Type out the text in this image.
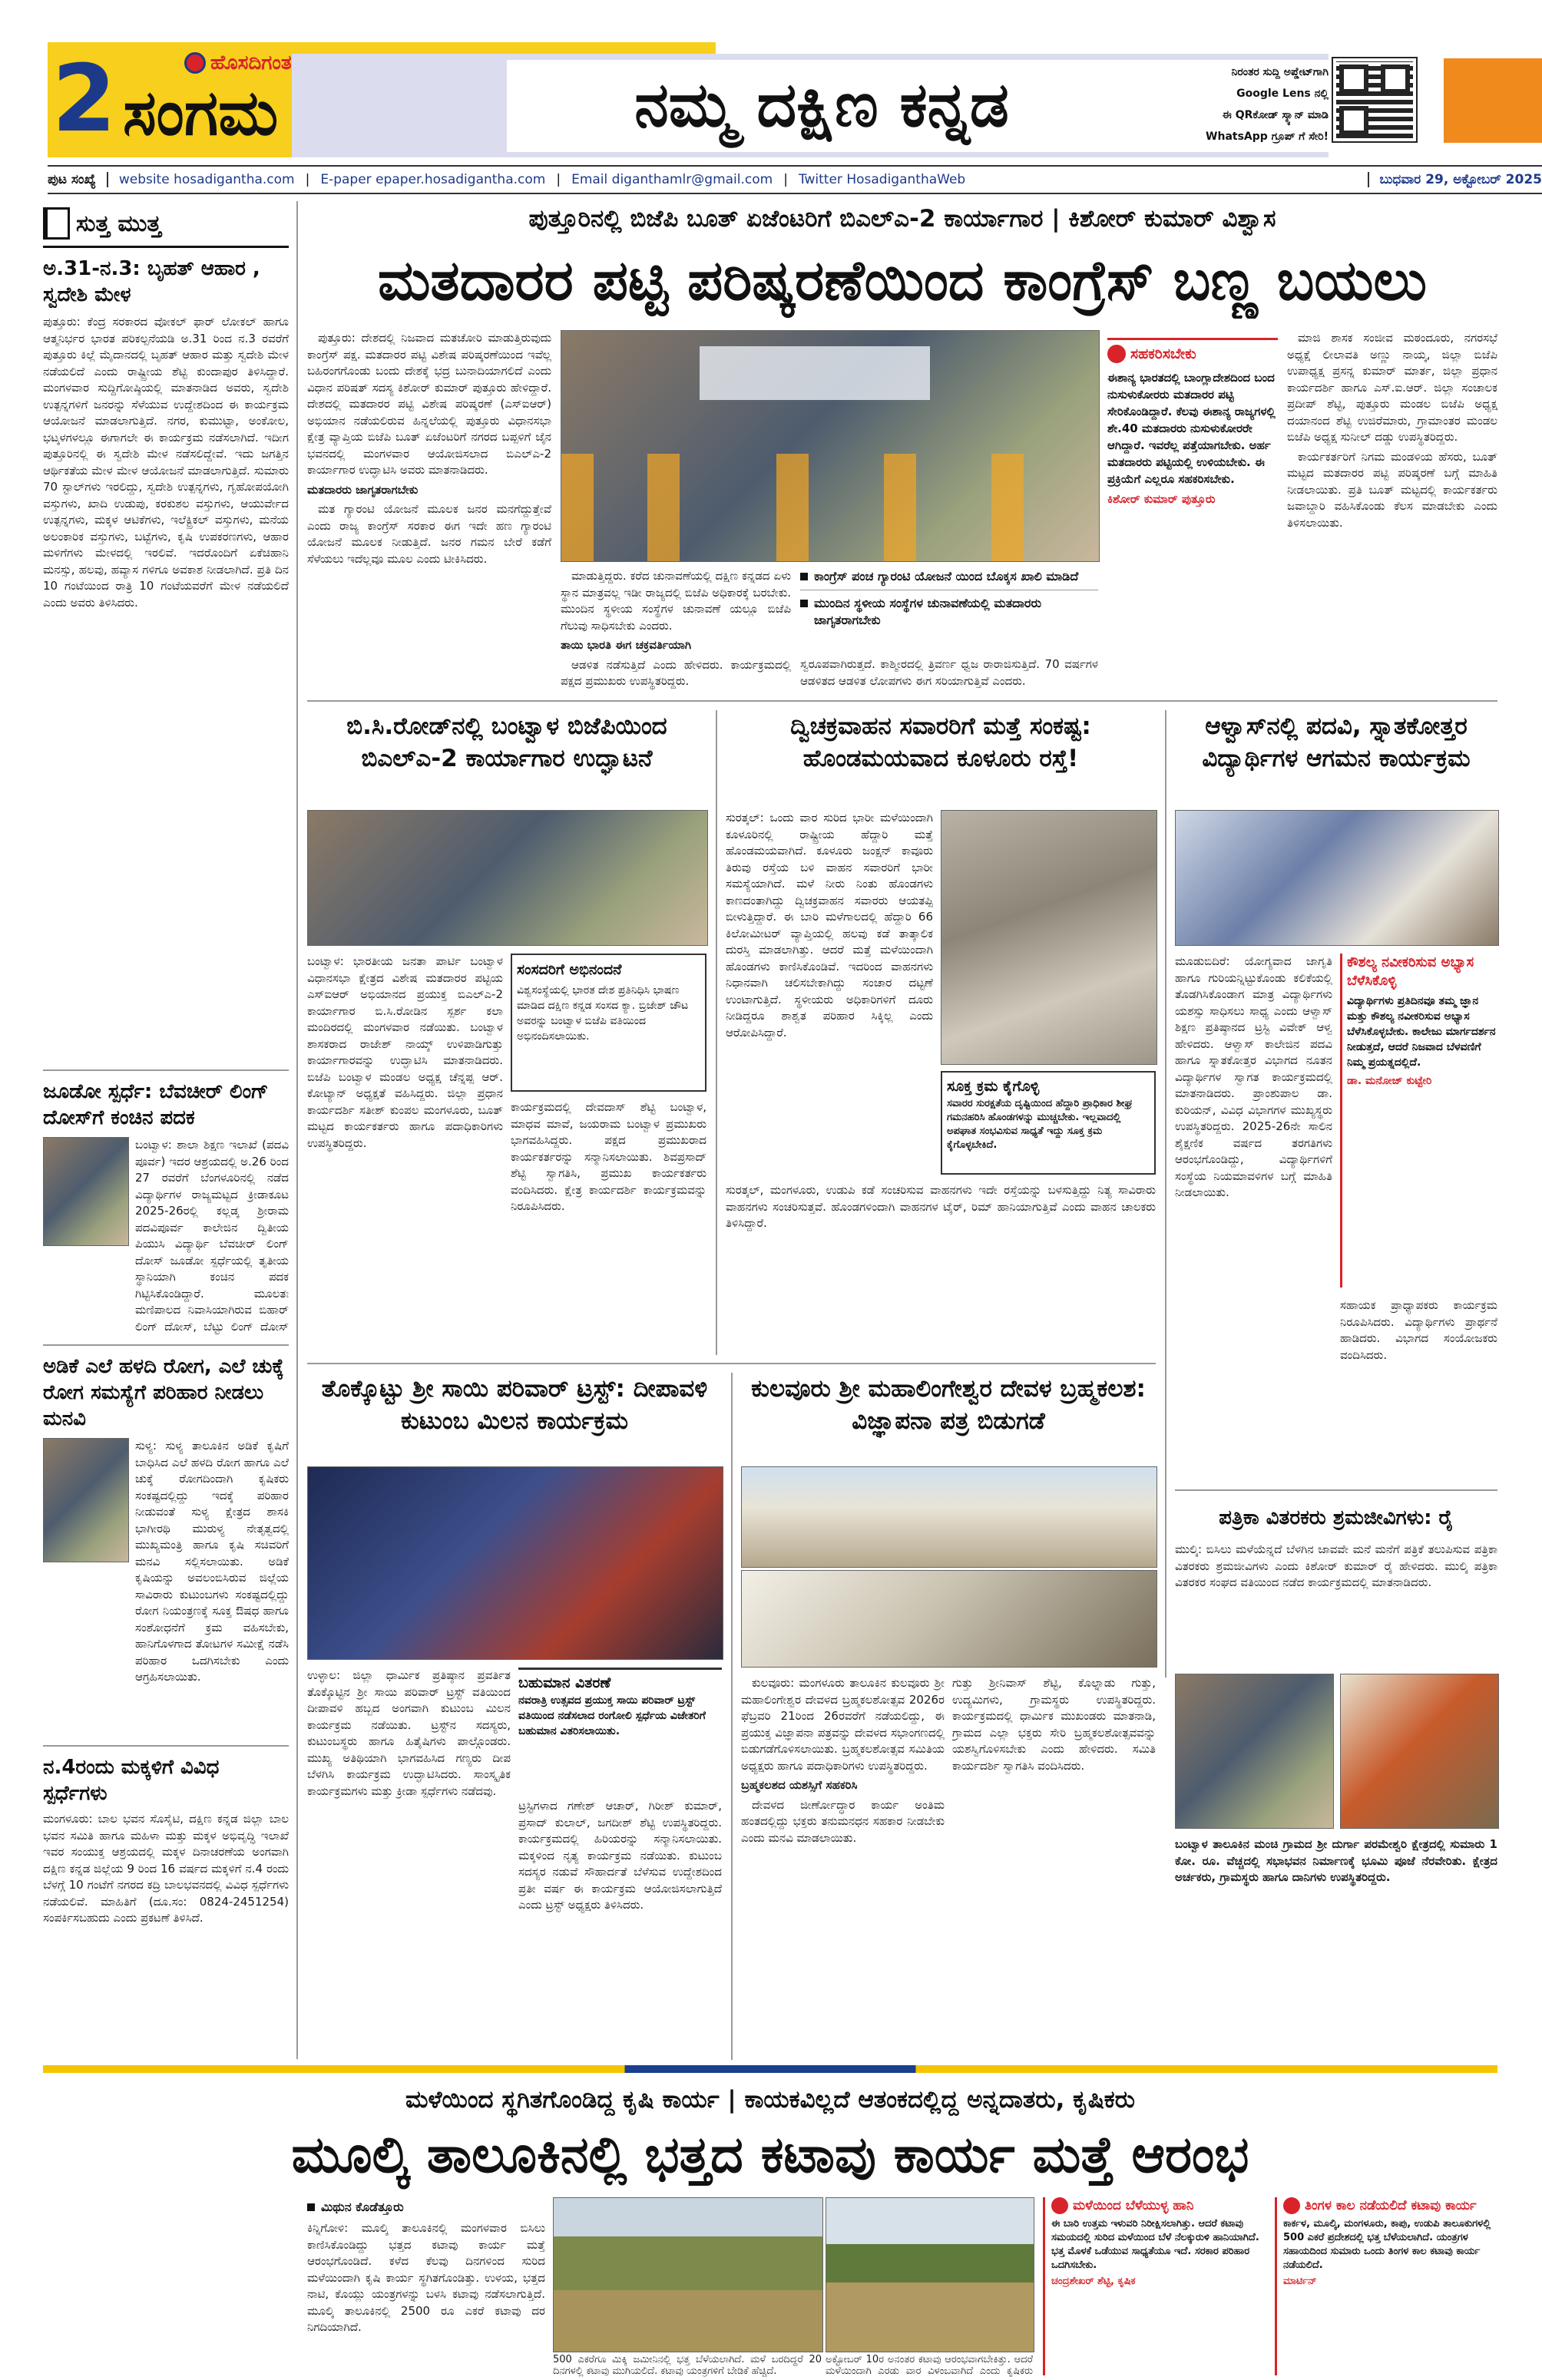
2	ಹೊಸದಿಗಂತ
ಸಂಗಮ	ನಮ್ಮ ದಕ್ಷಿಣ ಕನ್ನಡ	ನಿರಂತರ ಸುದ್ದಿ ಅಪ್ಡೇಟ್‌ಗಾಗಿ
Google Lens ನಲ್ಲಿ
ಈ QRಕೋಡ್ ಸ್ಕ್ಯಾನ್ ಮಾಡಿ
WhatsApp ಗ್ರೂಪ್ ಗೆ ಸೇರಿ!
ಪುಟ ಸಂಖ್ಯೆ	website hosadigantha.com | E-paper epaper.hosadigantha.com | Email diganthamlr@gmail.com | Twitter HosadiganthaWeb	ಬುಧವಾರ 29, ಅಕ್ಟೋಬರ್ 2025
ಸುತ್ತ ಮುತ್ತ
ಅ.31-ನ.3: ಬೃಹತ್ ಆಹಾರ , ಸ್ವದೇಶಿ ಮೇಳ
ಪುತ್ತೂರು: ಕೆಂದ್ರ ಸರಕಾರದ ವೋಕಲ್ ಫಾರ್ ಲೋಕಲ್ ಹಾಗೂ ಆತ್ಮನಿರ್ಭರ ಭಾರತ ಪರಿಕಲ್ಪನೆಯಡಿ ಅ.31 ರಿಂದ ನ.3 ರವರೆಗೆ ಪುತ್ತೂರು ಕಿಲ್ಲೆ ಮೈದಾನದಲ್ಲಿ ಬೃಹತ್ ಆಹಾರ ಮತ್ತು ಸ್ವದೇಶಿ ಮೇಳ ನಡೆಯಲಿದೆ ಎಂದು ರಾಷ್ಟ್ರೀಯ ಶೆಟ್ಟಿ ಕುಂದಾಪುರ ತಿಳಿಸಿದ್ದಾರೆ. ಮಂಗಳವಾರ ಸುದ್ದಿಗೋಷ್ಠಿಯಲ್ಲಿ ಮಾತನಾಡಿದ ಅವರು, ಸ್ವದೇಶಿ ಉತ್ಪನ್ನಗಳಿಗೆ ಜನರನ್ನು ಸೆಳೆಯುವ ಉದ್ದೇಶದಿಂದ ಈ ಕಾರ್ಯಕ್ರಮ ಆಯೋಜನೆ ಮಾಡಲಾಗುತ್ತಿದೆ. ನಗರ, ಕುಮುಟ್ಟಾ, ಅಂಕೋಲ, ಭಟ್ಕಳಗಳಲ್ಲೂ ಈಗಾಗಲೇ ಈ ಕಾರ್ಯಕ್ರಮ ನಡೆಸಲಾಗಿದೆ. ಇದೀಗ ಪುತ್ತೂರಿನಲ್ಲಿ ಈ ಸ್ವದೇಶಿ ಮೇಳ ನಡೆಸಲಿದ್ದೇವೆ. ಇದು ಜಗತ್ತಿನ ಆರ್ಥಿಕತೆಯ ಮೇಳ ಮೇಳ ಆಯೋಜನೆ ಮಾಡಲಾಗುತ್ತಿದೆ. ಸುಮಾರು 70 ಸ್ಟಾಲ್‌ಗಳು ಇರಲಿದ್ದು, ಸ್ವದೇಶಿ ಉತ್ಪನ್ನಗಳು, ಗೃಹೋಪಯೋಗಿ ವಸ್ತುಗಳು, ಖಾದಿ ಉಡುಪು, ಕರಕುಶಲ ವಸ್ತುಗಳು, ಆಯುರ್ವೇದ ಉತ್ಪನ್ನಗಳು, ಮಕ್ಕಳ ಆಟಿಕೆಗಳು, ಇಲೆಕ್ಟ್ರಿಕಲ್ ವಸ್ತುಗಳು, ಮನೆಯ ಅಲಂಕಾರಿಕ ವಸ್ತುಗಳು, ಬಟ್ಟೆಗಳು, ಕೃಷಿ ಉಪಕರಣಗಳು, ಆಹಾರ ಮಳಿಗೆಗಳು ಮೇಳದಲ್ಲಿ ಇರಲಿವೆ. ಇದರೊಂದಿಗೆ ಏಕೆಚಿಹಾನಿ ಮನಸ್ಸು, ಹಲವು, ಹವ್ಯಾಸ ಗಳಿಗೂ ಅವಕಾಶ ನೀಡಲಾಗಿದೆ. ಪ್ರತಿ ದಿನ 10 ಗಂಟೆಯಿಂದ ರಾತ್ರಿ 10 ಗಂಟೆಯವರೆಗೆ ಮೇಳ ನಡೆಯಲಿದೆ ಎಂದು ಅವರು ತಿಳಿಸಿದರು.
ಜೂಡೋ ಸ್ಪರ್ಧೆ: ಬೆವಚೀರ್ ಲಿಂಗ್ ದೋಸ್‌ಗೆ ಕಂಚಿನ ಪದಕ
ಬಂಟ್ವಾಳ: ಶಾಲಾ ಶಿಕ್ಷಣ ಇಲಾಖೆ (ಪದವಿ ಪೂರ್ವ) ಇದರ ಆಶ್ರಯದಲ್ಲಿ ಅ.26 ರಿಂದ 27 ರವರೆಗೆ ಬೆಂಗಳೂರಿನಲ್ಲಿ ನಡೆದ ವಿದ್ಯಾರ್ಥಿಗಳ ರಾಜ್ಯಮಟ್ಟದ ಕ್ರೀಡಾಕೂಟ 2025-26ರಲ್ಲಿ ಕಲ್ಲಡ್ಕ ಶ್ರೀರಾಮ ಪದವಿಪೂರ್ವ ಕಾಲೇಜಿನ ದ್ವಿತೀಯ ಪಿಯುಸಿ ವಿದ್ಯಾರ್ಥಿ ಬೆವಚೀರ್ ಲಿಂಗ್ ದೋಸ್ ಜೂಡೋ ಸ್ಪರ್ಧೆಯಲ್ಲಿ ತೃತೀಯ ಸ್ಥಾನಿಯಾಗಿ ಕಂಚಿನ ಪದಕ ಗಿಟ್ಟಿಸಿಕೊಂಡಿದ್ದಾರೆ. ಮೂಲತಃ ಮಣಿಪಾಲದ ನಿವಾಸಿಯಾಗಿರುವ ಬಿಹಾರ್ ಲಿಂಗ್ ದೋಸ್, ಬೆಟ್ಟು ಲಿಂಗ್ ದೋಸ್
ಅಡಿಕೆ ಎಲೆ ಹಳದಿ ರೋಗ, ಎಲೆ ಚುಕ್ಕೆ ರೋಗ ಸಮಸ್ಯೆಗೆ ಪರಿಹಾರ ನೀಡಲು ಮನವಿ
ಸುಳ್ಯ: ಸುಳ್ಯ ತಾಲೂಕಿನ ಅಡಿಕೆ ಕೃಷಿಗೆ ಬಾಧಿಸಿದ ಎಲೆ ಹಳದಿ ರೋಗ ಹಾಗೂ ಎಲೆ ಚುಕ್ಕೆ ರೋಗದಿಂದಾಗಿ ಕೃಷಿಕರು ಸಂಕಷ್ಟದಲ್ಲಿದ್ದು ಇದಕ್ಕೆ ಪರಿಹಾರ ನೀಡುವಂತೆ ಸುಳ್ಯ ಕ್ಷೇತ್ರದ ಶಾಸಕಿ ಭಾಗೀರಥಿ ಮುರುಳ್ಯ ನೇತೃತ್ವದಲ್ಲಿ ಮುಖ್ಯಮಂತ್ರಿ ಹಾಗೂ ಕೃಷಿ ಸಚಿವರಿಗೆ ಮನವಿ ಸಲ್ಲಿಸಲಾಯಿತು. ಅಡಿಕೆ ಕೃಷಿಯನ್ನು ಅವಲಂಬಿಸಿರುವ ಜಿಲ್ಲೆಯ ಸಾವಿರಾರು ಕುಟುಂಬಗಳು ಸಂಕಷ್ಟದಲ್ಲಿದ್ದು ರೋಗ ನಿಯಂತ್ರಣಕ್ಕೆ ಸೂಕ್ತ ಔಷಧ ಹಾಗೂ ಸಂಶೋಧನೆಗೆ ಕ್ರಮ ವಹಿಸಬೇಕು, ಹಾನಿಗೊಳಗಾದ ತೋಟಗಳ ಸಮೀಕ್ಷೆ ನಡೆಸಿ ಪರಿಹಾರ ಒದಗಿಸಬೇಕು ಎಂದು ಆಗ್ರಹಿಸಲಾಯಿತು.
ನ.4ರಂದು ಮಕ್ಕಳಿಗೆ ವಿವಿಧ ಸ್ಪರ್ಧೆಗಳು
ಮಂಗಳೂರು: ಬಾಲ ಭವನ ಸೊಸೈಟಿ, ದಕ್ಷಿಣ ಕನ್ನಡ ಜಿಲ್ಲಾ ಬಾಲ ಭವನ ಸಮಿತಿ ಹಾಗೂ ಮಹಿಳಾ ಮತ್ತು ಮಕ್ಕಳ ಅಭಿವೃದ್ಧಿ ಇಲಾಖೆ ಇವರ ಸಂಯುಕ್ತ ಆಶ್ರಯದಲ್ಲಿ ಮಕ್ಕಳ ದಿನಾಚರಣೆಯ ಅಂಗವಾಗಿ ದಕ್ಷಿಣ ಕನ್ನಡ ಜಿಲ್ಲೆಯ 9 ರಿಂದ 16 ವರ್ಷದ ಮಕ್ಕಳಿಗೆ ನ.4 ರಂದು ಬೆಳಗ್ಗೆ 10 ಗಂಟೆಗೆ ನಗರದ ಕದ್ರಿ ಬಾಲಭವನದಲ್ಲಿ ವಿವಿಧ ಸ್ಪರ್ಧೆಗಳು ನಡೆಯಲಿವೆ. ಮಾಹಿತಿಗೆ (ದೂ.ಸಂ: 0824-2451254) ಸಂಪರ್ಕಿಸಬಹುದು ಎಂದು ಪ್ರಕಟಣೆ ತಿಳಿಸಿದೆ.
ಪುತ್ತೂರಿನಲ್ಲಿ ಬಿಜೆಪಿ ಬೂತ್ ಏಜೆಂಟರಿಗೆ ಬಿಎಲ್‌ಎ-2 ಕಾರ್ಯಾಗಾರ | ಕಿಶೋರ್ ಕುಮಾರ್ ವಿಶ್ವಾಸ
ಮತದಾರರ ಪಟ್ಟಿ ಪರಿಷ್ಕರಣೆಯಿಂದ ಕಾಂಗ್ರೆಸ್ ಬಣ್ಣ ಬಯಲು

ಪುತ್ತೂರು: ದೇಶದಲ್ಲಿ ನಿಜವಾದ ಮತಚೋರಿ ಮಾಡುತ್ತಿರುವುದು ಕಾಂಗ್ರೆಸ್ ಪಕ್ಷ. ಮತದಾರರ ಪಟ್ಟಿ ವಿಶೇಷ ಪರಿಷ್ಕರಣೆಯಿಂದ ಇವೆಲ್ಲ ಬಹಿರಂಗಗೊಂಡು ಬಂದು ದೇಶಕ್ಕೆ ಭದ್ರ ಬುನಾದಿಯಾಗಲಿದೆ ಎಂದು ವಿಧಾನ ಪರಿಷತ್ ಸದಸ್ಯ ಕಿಶೋರ್ ಕುಮಾರ್ ಪುತ್ತೂರು ಹೇಳಿದ್ದಾರೆ. ದೇಶದಲ್ಲಿ ಮತದಾರರ ಪಟ್ಟಿ ವಿಶೇಷ ಪರಿಷ್ಕರಣೆ (ಎಸ್‌ಐಆರ್) ಅಭಿಯಾನ ನಡೆಯಲಿರುವ ಹಿನ್ನಲೆಯಲ್ಲಿ ಪುತ್ತೂರು ವಿಧಾನಸಭಾ ಕ್ಷೇತ್ರ ವ್ಯಾಪ್ತಿಯ ಬಿಜೆಪಿ ಬೂತ್ ಏಜೆಂಟರಿಗೆ ನಗರದ ಬಪ್ಪಳಿಗೆ ಜೈನ ಭವನದಲ್ಲಿ ಮಂಗಳವಾರ ಆಯೋಜಿಸಲಾದ ಬಿಎಲ್‌ಎ-2 ಕಾರ್ಯಾಗಾರ ಉದ್ಘಾಟಿಸಿ ಅವರು ಮಾತನಾಡಿದರು.

ಮತದಾರರು ಜಾಗೃತರಾಗಬೇಕು

ಮತ ಗ್ಯಾರಂಟಿ ಯೋಜನೆ ಮೂಲಕ ಜನರ ಮನಗೆದ್ದುತ್ತೇವೆ ಎಂದು ರಾಜ್ಯ ಕಾಂಗ್ರೆಸ್ ಸರಕಾರ ಈಗ ಇದೇ ಹಣ ಗ್ಯಾರಂಟಿ ಯೋಜನೆ ಮೂಲಕ ನೀಡುತ್ತಿದೆ. ಜನರ ಗಮನ ಬೇರೆ ಕಡೆಗೆ ಸೆಳೆಯಲು ಇದೆಲ್ಲವೂ ಮೂಲ ಎಂದು ಟೀಕಿಸಿದರು.

ಮಾಡುತ್ತಿದ್ದರು. ಕರೆದ ಚುನಾವಣೆಯಲ್ಲಿ ದಕ್ಷಿಣ ಕನ್ನಡದ ಏಳು ಸ್ಥಾನ ಮಾತ್ರವಲ್ಲ ಇಡೀ ರಾಜ್ಯದಲ್ಲಿ ಬಿಜೆಪಿ ಅಧಿಕಾರಕ್ಕೆ ಬರಬೇಕು. ಮುಂದಿನ ಸ್ಥಳೀಯ ಸಂಸ್ಥೆಗಳ ಚುನಾವಣೆ ಯಲ್ಲೂ ಬಿಜೆಪಿ ಗೆಲುವು ಸಾಧಿಸಬೇಕು ಎಂದರು.

ತಾಯಿ ಭಾರತಿ ಈಗ ಚಕ್ರವರ್ತಿಯಾಗಿ

ಆಡಳಿತ ನಡೆಸುತ್ತಿದೆ ಎಂದು ಹೇಳಿದರು. ಕಾರ್ಯಕ್ರಮದಲ್ಲಿ ಪಕ್ಷದ ಪ್ರಮುಖರು ಉಪಸ್ಥಿತರಿದ್ದರು.

ಕಾಂಗ್ರೆಸ್ ಪಂಚ ಗ್ಯಾರಂಟಿ ಯೋಜನೆ ಯಿಂದ ಬೊಕ್ಕಸ ಖಾಲಿ ಮಾಡಿದೆ
ಮುಂದಿನ ಸ್ಥಳೀಯ ಸಂಸ್ಥೆಗಳ ಚುನಾವಣೆಯಲ್ಲಿ ಮತದಾರರು ಜಾಗೃತರಾಗಬೇಕು
ಸ್ವರೂಪವಾಗಿರುತ್ತದೆ. ಕಾಶ್ಮೀರದಲ್ಲಿ ತ್ರಿವರ್ಣ ಧ್ವಜ ರಾರಾಜಿಸುತ್ತಿದೆ. 70 ವರ್ಷಗಳ ಆಡಳಿತದ ಆಡಳಿತ ಲೋಪಗಳು ಈಗ ಸರಿಯಾಗುತ್ತಿವೆ ಎಂದರು.
ಸಹಕರಿಸಬೇಕು
ಈಶಾನ್ಯ ಭಾರತದಲ್ಲಿ ಬಾಂಗ್ಲಾದೇಶದಿಂದ ಬಂದ ನುಸುಳುಕೋರರು ಮತದಾರರ ಪಟ್ಟಿ ಸೇರಿಕೊಂಡಿದ್ದಾರೆ. ಕೆಲವು ಈಶಾನ್ಯ ರಾಜ್ಯಗಳಲ್ಲಿ ಶೇ.40 ಮತದಾರರು ನುಸುಳುಕೋರರೇ ಆಗಿದ್ದಾರೆ. ಇವರೆಲ್ಲ ಪತ್ತೆಯಾಗಬೇಕು. ಅರ್ಹ ಮತದಾರರು ಪಟ್ಟಿಯಲ್ಲಿ ಉಳಿಯಬೇಕು. ಈ ಪ್ರಕ್ರಿಯೆಗೆ ಎಲ್ಲರೂ ಸಹಕರಿಸಬೇಕು.
ಕಿಶೋರ್ ಕುಮಾರ್ ಪುತ್ತೂರು

ಮಾಜಿ ಶಾಸಕ ಸಂಜೀವ ಮಠಂದೂರು, ನಗರಸಭೆ ಅಧ್ಯಕ್ಷೆ ಲೀಲಾವತಿ ಅಣ್ಣು ನಾಯ್ಕ, ಜಿಲ್ಲಾ ಬಿಜೆಪಿ ಉಪಾಧ್ಯಕ್ಷ ಪ್ರಸನ್ನ ಕುಮಾರ್ ಮಾರ್ತ, ಜಿಲ್ಲಾ ಪ್ರಧಾನ ಕಾರ್ಯದರ್ಶಿ ಹಾಗೂ ಎಸ್.ಐ.ಆರ್. ಜಿಲ್ಲಾ ಸಂಚಾಲಕ ಪ್ರದೀಪ್ ಶೆಟ್ಟಿ, ಪುತ್ತೂರು ಮಂಡಲ ಬಿಜೆಪಿ ಅಧ್ಯಕ್ಷ ದಯಾನಂದ ಶೆಟ್ಟಿ ಉಜಿರೆಮಾರು, ಗ್ರಾಮಾಂತರ ಮಂಡಲ ಬಿಜೆಪಿ ಅಧ್ಯಕ್ಷ ಸುನೀಲ್ ದಡ್ಡು ಉಪಸ್ಥಿತರಿದ್ದರು.

ಕಾರ್ಯಕರ್ತರಿಗೆ ನಿಗಮ ಮಂಡಳಿಯ ಹೆಸರು, ಬೂತ್ ಮಟ್ಟದ ಮತದಾರರ ಪಟ್ಟಿ ಪರಿಷ್ಕರಣೆ ಬಗ್ಗೆ ಮಾಹಿತಿ ನೀಡಲಾಯಿತು. ಪ್ರತಿ ಬೂತ್ ಮಟ್ಟದಲ್ಲಿ ಕಾರ್ಯಕರ್ತರು ಜವಾಬ್ದಾರಿ ವಹಿಸಿಕೊಂಡು ಕೆಲಸ ಮಾಡಬೇಕು ಎಂದು ತಿಳಿಸಲಾಯಿತು.

ಬಿ.ಸಿ.ರೋಡ್‌ನಲ್ಲಿ ಬಂಟ್ವಾಳ ಬಿಜೆಪಿಯಿಂದ ಬಿಎಲ್ಎ-2 ಕಾರ್ಯಾಗಾರ ಉದ್ಘಾಟನೆ
ಬಂಟ್ವಾಳ: ಭಾರತೀಯ ಜನತಾ ಪಾರ್ಟಿ ಬಂಟ್ವಾಳ ವಿಧಾನಸಭಾ ಕ್ಷೇತ್ರದ ವಿಶೇಷ ಮತದಾರರ ಪಟ್ಟಿಯ ಎಸ್‌ಐಆರ್ ಅಭಿಯಾನದ ಪ್ರಯುಕ್ತ ಬಿಎಲ್‌ಎ-2 ಕಾರ್ಯಾಗಾರ ಬಿ.ಸಿ.ರೋಡಿನ ಸ್ಪರ್ಶ ಕಲಾ ಮಂದಿರದಲ್ಲಿ ಮಂಗಳವಾರ ನಡೆಯಿತು. ಬಂಟ್ವಾಳ ಶಾಸಕರಾದ ರಾಜೇಶ್ ನಾಯ್ಕ್ ಉಳಿಪಾಡಿಗುತ್ತು ಕಾರ್ಯಾಗಾರವನ್ನು ಉದ್ಘಾಟಿಸಿ ಮಾತನಾಡಿದರು. ಬಿಜೆಪಿ ಬಂಟ್ವಾಳ ಮಂಡಲ ಅಧ್ಯಕ್ಷ ಚೆನ್ನಪ್ಪ ಆರ್. ಕೋಟ್ಯಾನ್ ಅಧ್ಯಕ್ಷತೆ ವಹಿಸಿದ್ದರು. ಜಿಲ್ಲಾ ಪ್ರಧಾನ ಕಾರ್ಯದರ್ಶಿ ಸತೀಶ್ ಕುಂಪಲ ಮಂಗಳೂರು, ಬೂತ್ ಮಟ್ಟದ ಕಾರ್ಯಕರ್ತರು ಹಾಗೂ ಪದಾಧಿಕಾರಿಗಳು ಉಪಸ್ಥಿತರಿದ್ದರು.
ಸಂಸದರಿಗೆ ಅಭಿನಂದನೆ
ವಿಶ್ವಸಂಸ್ಥೆಯಲ್ಲಿ ಭಾರತ ದೇಶ ಪ್ರತಿನಿಧಿಸಿ ಭಾಷಣ ಮಾಡಿದ ದಕ್ಷಿಣ ಕನ್ನಡ ಸಂಸದ ಕ್ಯಾ. ಬ್ರಿಜೇಶ್ ಚೌಟ ಅವರನ್ನು ಬಂಟ್ವಾಳ ಬಿಜೆಪಿ ವತಿಯಿಂದ ಅಭಿನಂದಿಸಲಾಯಿತು.
ಕಾರ್ಯಕ್ರಮದಲ್ಲಿ ದೇವದಾಸ್ ಶೆಟ್ಟಿ ಬಂಟ್ವಾಳ, ಮಾಧವ ಮಾವೆ, ಜಯರಾಮ ಬಂಟ್ವಾಳ ಪ್ರಮುಖರು ಭಾಗವಹಿಸಿದ್ದರು. ಪಕ್ಷದ ಪ್ರಮುಖರಾದ ಕಾರ್ಯಕರ್ತರನ್ನು ಸನ್ಮಾನಿಸಲಾಯಿತು. ಶಿವಪ್ರಸಾದ್ ಶೆಟ್ಟಿ ಸ್ವಾಗತಿಸಿ, ಪ್ರಮುಖ ಕಾರ್ಯಕರ್ತರು ವಂದಿಸಿದರು. ಕ್ಷೇತ್ರ ಕಾರ್ಯದರ್ಶಿ ಕಾರ್ಯಕ್ರಮವನ್ನು ನಿರೂಪಿಸಿದರು.
ದ್ವಿಚಕ್ರವಾಹನ ಸವಾರರಿಗೆ ಮತ್ತೆ ಸಂಕಷ್ಟ: ಹೊಂಡಮಯವಾದ ಕೂಳೂರು ರಸ್ತೆ!
ಸುರತ್ಕಲ್: ಒಂದು ವಾರ ಸುರಿದ ಭಾರೀ ಮಳೆಯಿಂದಾಗಿ ಕೂಳೂರಿನಲ್ಲಿ ರಾಷ್ಟ್ರೀಯ ಹೆದ್ದಾರಿ ಮತ್ತೆ ಹೊಂಡಮಯವಾಗಿದೆ. ಕೂಳೂರು ಜಂಕ್ಷನ್ ಕಾವೂರು ತಿರುವು ರಸ್ತೆಯ ಬಳಿ ವಾಹನ ಸವಾರರಿಗೆ ಭಾರೀ ಸಮಸ್ಯೆಯಾಗಿದೆ. ಮಳೆ ನೀರು ನಿಂತು ಹೊಂಡಗಳು ಕಾಣದಂತಾಗಿದ್ದು ದ್ವಿಚಕ್ರವಾಹನ ಸವಾರರು ಆಯತಪ್ಪಿ ಬೀಳುತ್ತಿದ್ದಾರೆ. ಈ ಬಾರಿ ಮಳೆಗಾಲದಲ್ಲಿ ಹೆದ್ದಾರಿ 66 ಕಿಲೋಮೀಟರ್ ವ್ಯಾಪ್ತಿಯಲ್ಲಿ ಹಲವು ಕಡೆ ತಾತ್ಕಾಲಿಕ ದುರಸ್ತಿ ಮಾಡಲಾಗಿತ್ತು. ಆದರೆ ಮತ್ತೆ ಮಳೆಯಿಂದಾಗಿ ಹೊಂಡಗಳು ಕಾಣಿಸಿಕೊಂಡಿವೆ. ಇದರಿಂದ ವಾಹನಗಳು ನಿಧಾನವಾಗಿ ಚಲಿಸಬೇಕಾಗಿದ್ದು ಸಂಚಾರ ದಟ್ಟಣೆ ಉಂಟಾಗುತ್ತಿದೆ. ಸ್ಥಳೀಯರು ಅಧಿಕಾರಿಗಳಿಗೆ ದೂರು ನೀಡಿದ್ದರೂ ಶಾಶ್ವತ ಪರಿಹಾರ ಸಿಕ್ಕಿಲ್ಲ ಎಂದು ಆರೋಪಿಸಿದ್ದಾರೆ.
ಸೂಕ್ತ ಕ್ರಮ ಕೈಗೊಳ್ಳಿ
ಸವಾರರ ಸುರಕ್ಷತೆಯ ದೃಷ್ಟಿಯಿಂದ ಹೆದ್ದಾರಿ ಪ್ರಾಧಿಕಾರ ಶೀಘ್ರ ಗಮನಹರಿಸಿ ಹೊಂಡಗಳನ್ನು ಮುಚ್ಚಬೇಕು. ಇಲ್ಲವಾದಲ್ಲಿ ಅಪಘಾತ ಸಂಭವಿಸುವ ಸಾಧ್ಯತೆ ಇದ್ದು ಸೂಕ್ತ ಕ್ರಮ ಕೈಗೊಳ್ಳಬೇಕಿದೆ.
ಸುರತ್ಕಲ್, ಮಂಗಳೂರು, ಉಡುಪಿ ಕಡೆ ಸಂಚರಿಸುವ ವಾಹನಗಳು ಇದೇ ರಸ್ತೆಯನ್ನು ಬಳಸುತ್ತಿದ್ದು ನಿತ್ಯ ಸಾವಿರಾರು ವಾಹನಗಳು ಸಂಚರಿಸುತ್ತವೆ. ಹೊಂಡಗಳಿಂದಾಗಿ ವಾಹನಗಳ ಟೈರ್, ರಿಮ್ ಹಾನಿಯಾಗುತ್ತಿವೆ ಎಂದು ವಾಹನ ಚಾಲಕರು ತಿಳಿಸಿದ್ದಾರೆ.
ಆಳ್ವಾಸ್‌ನಲ್ಲಿ ಪದವಿ, ಸ್ನಾತಕೋತ್ತರ ವಿದ್ಯಾರ್ಥಿಗಳ ಆಗಮನ ಕಾರ್ಯಕ್ರಮ
ಮೂಡುಬಿದಿರೆ: ಯೋಗ್ಯವಾದ ಜಾಗೃತಿ ಹಾಗೂ ಗುರಿಯನ್ನಿಟ್ಟುಕೊಂಡು ಕಲಿಕೆಯಲ್ಲಿ ತೊಡಗಿಸಿಕೊಂಡಾಗ ಮಾತ್ರ ವಿದ್ಯಾರ್ಥಿಗಳು ಯಶಸ್ಸು ಸಾಧಿಸಲು ಸಾಧ್ಯ ಎಂದು ಆಳ್ವಾಸ್ ಶಿಕ್ಷಣ ಪ್ರತಿಷ್ಠಾನದ ಟ್ರಸ್ಟಿ ವಿವೇಕ್ ಆಳ್ವ ಹೇಳಿದರು. ಆಳ್ವಾಸ್ ಕಾಲೇಜಿನ ಪದವಿ ಹಾಗೂ ಸ್ನಾತಕೋತ್ತರ ವಿಭಾಗದ ನೂತನ ವಿದ್ಯಾರ್ಥಿಗಳ ಸ್ವಾಗತ ಕಾರ್ಯಕ್ರಮದಲ್ಲಿ ಮಾತನಾಡಿದರು. ಪ್ರಾಂಶುಪಾಲ ಡಾ. ಕುರಿಯನ್, ವಿವಿಧ ವಿಭಾಗಗಳ ಮುಖ್ಯಸ್ಥರು ಉಪಸ್ಥಿತರಿದ್ದರು. 2025-26ನೇ ಸಾಲಿನ ಶೈಕ್ಷಣಿಕ ವರ್ಷದ ತರಗತಿಗಳು ಆರಂಭಗೊಂಡಿದ್ದು, ವಿದ್ಯಾರ್ಥಿಗಳಿಗೆ ಸಂಸ್ಥೆಯ ನಿಯಮಾವಳಿಗಳ ಬಗ್ಗೆ ಮಾಹಿತಿ ನೀಡಲಾಯಿತು.
ಕೌಶಲ್ಯ ನವೀಕರಿಸುವ ಅಭ್ಯಾಸ ಬೆಳೆಸಿಕೊಳ್ಳಿ
ವಿದ್ಯಾರ್ಥಿಗಳು ಪ್ರತಿದಿನವೂ ತಮ್ಮ ಜ್ಞಾನ ಮತ್ತು ಕೌಶಲ್ಯ ನವೀಕರಿಸುವ ಅಭ್ಯಾಸ ಬೆಳೆಸಿಕೊಳ್ಳಬೇಕು. ಕಾಲೇಜು ಮಾರ್ಗದರ್ಶನ ನೀಡುತ್ತದೆ, ಆದರೆ ನಿಜವಾದ ಬೆಳವಣಿಗೆ ನಿಮ್ಮ ಪ್ರಯತ್ನದಲ್ಲಿದೆ.
ಡಾ. ಮನೋಜ್ ಕುಟ್ಟೇರಿ
ಸಹಾಯಕ ಪ್ರಾಧ್ಯಾಪಕರು ಕಾರ್ಯಕ್ರಮ ನಿರೂಪಿಸಿದರು. ವಿದ್ಯಾರ್ಥಿಗಳು ಪ್ರಾರ್ಥನೆ ಹಾಡಿದರು. ವಿಭಾಗದ ಸಂಯೋಜಕರು ವಂದಿಸಿದರು.
ತೊಕ್ಕೊಟ್ಟು ಶ್ರೀ ಸಾಯಿ ಪರಿವಾರ್ ಟ್ರಸ್ಟ್: ದೀಪಾವಳಿ ಕುಟುಂಬ ಮಿಲನ ಕಾರ್ಯಕ್ರಮ
ಉಳ್ಳಾಲ: ಜಿಲ್ಲಾ ಧಾರ್ಮಿಕ ಪ್ರತಿಷ್ಠಾನ ಪ್ರವರ್ತಿತ ತೊಕ್ಕೊಟ್ಟಿನ ಶ್ರೀ ಸಾಯಿ ಪರಿವಾರ್ ಟ್ರಸ್ಟ್ ವತಿಯಿಂದ ದೀಪಾವಳಿ ಹಬ್ಬದ ಅಂಗವಾಗಿ ಕುಟುಂಬ ಮಿಲನ ಕಾರ್ಯಕ್ರಮ ನಡೆಯಿತು. ಟ್ರಸ್ಟ್‌ನ ಸದಸ್ಯರು, ಕುಟುಂಬಸ್ಥರು ಹಾಗೂ ಹಿತೈಷಿಗಳು ಪಾಲ್ಗೊಂಡರು. ಮುಖ್ಯ ಅತಿಥಿಯಾಗಿ ಭಾಗವಹಿಸಿದ ಗಣ್ಯರು ದೀಪ ಬೆಳಗಿಸಿ ಕಾರ್ಯಕ್ರಮ ಉದ್ಘಾಟಿಸಿದರು. ಸಾಂಸ್ಕೃತಿಕ ಕಾರ್ಯಕ್ರಮಗಳು ಮತ್ತು ಕ್ರೀಡಾ ಸ್ಪರ್ಧೆಗಳು ನಡೆದವು.
ಬಹುಮಾನ ವಿತರಣೆ
ನವರಾತ್ರಿ ಉತ್ಸವದ ಪ್ರಯುಕ್ತ ಸಾಯಿ ಪರಿವಾರ್ ಟ್ರಸ್ಟ್ ವತಿಯಿಂದ ನಡೆಸಲಾದ ರಂಗೋಲಿ ಸ್ಪರ್ಧೆಯ ವಿಜೇತರಿಗೆ ಬಹುಮಾನ ವಿತರಿಸಲಾಯಿತು.
ಟ್ರಸ್ಟಿಗಳಾದ ಗಣೇಶ್ ಆಚಾರ್, ಗಿರೀಶ್ ಕುಮಾರ್, ಪ್ರಸಾದ್ ಕುಲಾಲ್, ಜಗದೀಶ್ ಶೆಟ್ಟಿ ಉಪಸ್ಥಿತರಿದ್ದರು. ಕಾರ್ಯಕ್ರಮದಲ್ಲಿ ಹಿರಿಯರನ್ನು ಸನ್ಮಾನಿಸಲಾಯಿತು. ಮಕ್ಕಳಿಂದ ನೃತ್ಯ ಕಾರ್ಯಕ್ರಮ ನಡೆಯಿತು. ಕುಟುಂಬ ಸದಸ್ಯರ ನಡುವೆ ಸೌಹಾರ್ದತೆ ಬೆಳೆಸುವ ಉದ್ದೇಶದಿಂದ ಪ್ರತೀ ವರ್ಷ ಈ ಕಾರ್ಯಕ್ರಮ ಆಯೋಜಿಸಲಾಗುತ್ತಿದೆ ಎಂದು ಟ್ರಸ್ಟ್ ಅಧ್ಯಕ್ಷರು ತಿಳಿಸಿದರು.
ಕುಲವೂರು ಶ್ರೀ ಮಹಾಲಿಂಗೇಶ್ವರ ದೇವಳ ಬ್ರಹ್ಮಕಲಶ: ವಿಜ್ಞಾಪನಾ ಪತ್ರ ಬಿಡುಗಡೆ

ಕುಲವೂರು: ಮಂಗಳೂರು ತಾಲೂಕಿನ ಕುಲವೂರು ಶ್ರೀ ಮಹಾಲಿಂಗೇಶ್ವರ ದೇವಳದ ಬ್ರಹ್ಮಕಲಶೋತ್ಸವ 2026ರ ಫೆಬ್ರವರಿ 21ರಿಂದ 26ರವರೆಗೆ ನಡೆಯಲಿದ್ದು, ಈ ಪ್ರಯುಕ್ತ ವಿಜ್ಞಾಪನಾ ಪತ್ರವನ್ನು ದೇವಳದ ಸಭಾಂಗಣದಲ್ಲಿ ಬಿಡುಗಡೆಗೊಳಿಸಲಾಯಿತು. ಬ್ರಹ್ಮಕಲಶೋತ್ಸವ ಸಮಿತಿಯ ಅಧ್ಯಕ್ಷರು ಹಾಗೂ ಪದಾಧಿಕಾರಿಗಳು ಉಪಸ್ಥಿತರಿದ್ದರು.

ಬ್ರಹ್ಮಕಲಶದ ಯಶಸ್ಸಿಗೆ ಸಹಕರಿಸಿ

ದೇವಳದ ಜೀರ್ಣೋದ್ಧಾರ ಕಾರ್ಯ ಅಂತಿಮ ಹಂತದಲ್ಲಿದ್ದು ಭಕ್ತರು ತನುಮನಧನ ಸಹಕಾರ ನೀಡಬೇಕು ಎಂದು ಮನವಿ ಮಾಡಲಾಯಿತು.

ಗುತ್ತು ಶ್ರೀನಿವಾಸ್ ಶೆಟ್ಟಿ, ಕೊಲ್ನಾಡು ಗುತ್ತು, ಉದ್ಯಮಿಗಳು, ಗ್ರಾಮಸ್ಥರು ಉಪಸ್ಥಿತರಿದ್ದರು. ಕಾರ್ಯಕ್ರಮದಲ್ಲಿ ಧಾರ್ಮಿಕ ಮುಖಂಡರು ಮಾತನಾಡಿ, ಗ್ರಾಮದ ಎಲ್ಲಾ ಭಕ್ತರು ಸೇರಿ ಬ್ರಹ್ಮಕಲಶೋತ್ಸವವನ್ನು ಯಶಸ್ವಿಗೊಳಿಸಬೇಕು ಎಂದು ಹೇಳಿದರು. ಸಮಿತಿ ಕಾರ್ಯದರ್ಶಿ ಸ್ವಾಗತಿಸಿ ವಂದಿಸಿದರು.
ಪತ್ರಿಕಾ ವಿತರಕರು ಶ್ರಮಜೀವಿಗಳು: ರೈ
ಮುಲ್ಕಿ: ಬಿಸಿಲು ಮಳೆಯೆನ್ನದೆ ಬೆಳಗಿನ ಜಾವವೇ ಮನೆ ಮನೆಗೆ ಪತ್ರಿಕೆ ತಲುಪಿಸುವ ಪತ್ರಿಕಾ ವಿತರಕರು ಶ್ರಮಜೀವಿಗಳು ಎಂದು ಕಿಶೋರ್ ಕುಮಾರ್ ರೈ ಹೇಳಿದರು. ಮುಲ್ಕಿ ಪತ್ರಿಕಾ ವಿತರಕರ ಸಂಘದ ವತಿಯಿಂದ ನಡೆದ ಕಾರ್ಯಕ್ರಮದಲ್ಲಿ ಮಾತನಾಡಿದರು.
ಬಂಟ್ವಾಳ ತಾಲೂಕಿನ ಮಂಚಿ ಗ್ರಾಮದ ಶ್ರೀ ದುರ್ಗಾ ಪರಮೇಶ್ವರಿ ಕ್ಷೇತ್ರದಲ್ಲಿ ಸುಮಾರು 1 ಕೋ. ರೂ. ವೆಚ್ಚದಲ್ಲಿ ಸಭಾಭವನ ನಿರ್ಮಾಣಕ್ಕೆ ಭೂಮಿ ಪೂಜೆ ನೆರವೇರಿತು. ಕ್ಷೇತ್ರದ ಅರ್ಚಕರು, ಗ್ರಾಮಸ್ಥರು ಹಾಗೂ ದಾನಿಗಳು ಉಪಸ್ಥಿತರಿದ್ದರು.
ಮಳೆಯಿಂದ ಸ್ಥಗಿತಗೊಂಡಿದ್ದ ಕೃಷಿ ಕಾರ್ಯ | ಕಾಯಕವಿಲ್ಲದೆ ಆತಂಕದಲ್ಲಿದ್ದ ಅನ್ನದಾತರು, ಕೃಷಿಕರು
ಮೂಲ್ಕಿ ತಾಲೂಕಿನಲ್ಲಿ ಭತ್ತದ ಕಟಾವು ಕಾರ್ಯ ಮತ್ತೆ ಆರಂಭ
ಮಿಥುನ ಕೊಡೆತ್ತೂರು
ಕಿನ್ನಿಗೋಳಿ: ಮೂಲ್ಕಿ ತಾಲೂಕಿನಲ್ಲಿ ಮಂಗಳವಾರ ಬಿಸಿಲು ಕಾಣಿಸಿಕೊಂಡಿದ್ದು ಭತ್ತದ ಕಟಾವು ಕಾರ್ಯ ಮತ್ತೆ ಆರಂಭಗೊಂಡಿದೆ. ಕಳೆದ ಕೆಲವು ದಿನಗಳಿಂದ ಸುರಿದ ಮಳೆಯಿಂದಾಗಿ ಕೃಷಿ ಕಾರ್ಯ ಸ್ಥಗಿತಗೊಂಡಿತ್ತು. ಉಳಯ, ಭತ್ತದ ನಾಟಿ, ಕೊಯ್ಲು ಯಂತ್ರಗಳನ್ನು ಬಳಸಿ ಕಟಾವು ನಡೆಸಲಾಗುತ್ತಿದೆ. ಮೂಲ್ಕಿ ತಾಲೂಕಿನಲ್ಲಿ 2500 ರೂ ಎಕರೆ ಕಟಾವು ದರ ನಿಗದಿಯಾಗಿದೆ.
500 ಎಕರೆಗೂ ಮಿಕ್ಕಿ ಜಮೀನಿನಲ್ಲಿ ಭತ್ತ ಬೆಳೆಯಲಾಗಿದೆ. ಮಳೆ ಬರದಿದ್ದರೆ 20 ದಿನಗಳಲ್ಲಿ ಕಟಾವು ಮುಗಿಯಲಿದೆ. ಕಟಾವು ಯಂತ್ರಗಳಿಗೆ ಬೇಡಿಕೆ ಹೆಚ್ಚಿದೆ.
ಅಕ್ಟೋಬರ್ 10ರ ಅನಂತರ ಕಟಾವು ಆರಂಭವಾಗಬೇಕಿತ್ತು. ಆದರೆ ಮಳೆಯಿಂದಾಗಿ ಎರಡು ವಾರ ವಿಳಂಬವಾಗಿದೆ ಎಂದು ಕೃಷಿಕರು
ಮಳೆಯಿಂದ ಬೆಳೆಯುಳ್ಳ ಹಾನಿ
ಈ ಬಾರಿ ಉತ್ತಮ ಇಳುವರಿ ನಿರೀಕ್ಷಿಸಲಾಗಿತ್ತು. ಆದರೆ ಕಟಾವು ಸಮಯದಲ್ಲಿ ಸುರಿದ ಮಳೆಯಿಂದ ಬೆಳೆ ನೆಲಕ್ಕುರುಳಿ ಹಾನಿಯಾಗಿದೆ. ಭತ್ತ ಮೊಳಕೆ ಒಡೆಯುವ ಸಾಧ್ಯತೆಯೂ ಇದೆ. ಸರಕಾರ ಪರಿಹಾರ ಒದಗಿಸಬೇಕು.
ಚಂದ್ರಶೇಖರ್ ಶೆಟ್ಟಿ, ಕೃಷಿಕ
ತಿಂಗಳ ಕಾಲ ನಡೆಯಲಿದೆ ಕಟಾವು ಕಾರ್ಯ
ಕಾರ್ಕಳ, ಮೂಲ್ಕಿ, ಮಂಗಳೂರು, ಕಾಪು, ಉಡುಪಿ ತಾಲೂಕುಗಳಲ್ಲಿ 500 ಎಕರೆ ಪ್ರದೇಶದಲ್ಲಿ ಭತ್ತ ಬೆಳೆಯಲಾಗಿದೆ. ಯಂತ್ರಗಳ ಸಹಾಯದಿಂದ ಸುಮಾರು ಒಂದು ತಿಂಗಳ ಕಾಲ ಕಟಾವು ಕಾರ್ಯ ನಡೆಯಲಿದೆ.
ಮಾರ್ಟಿನ್
